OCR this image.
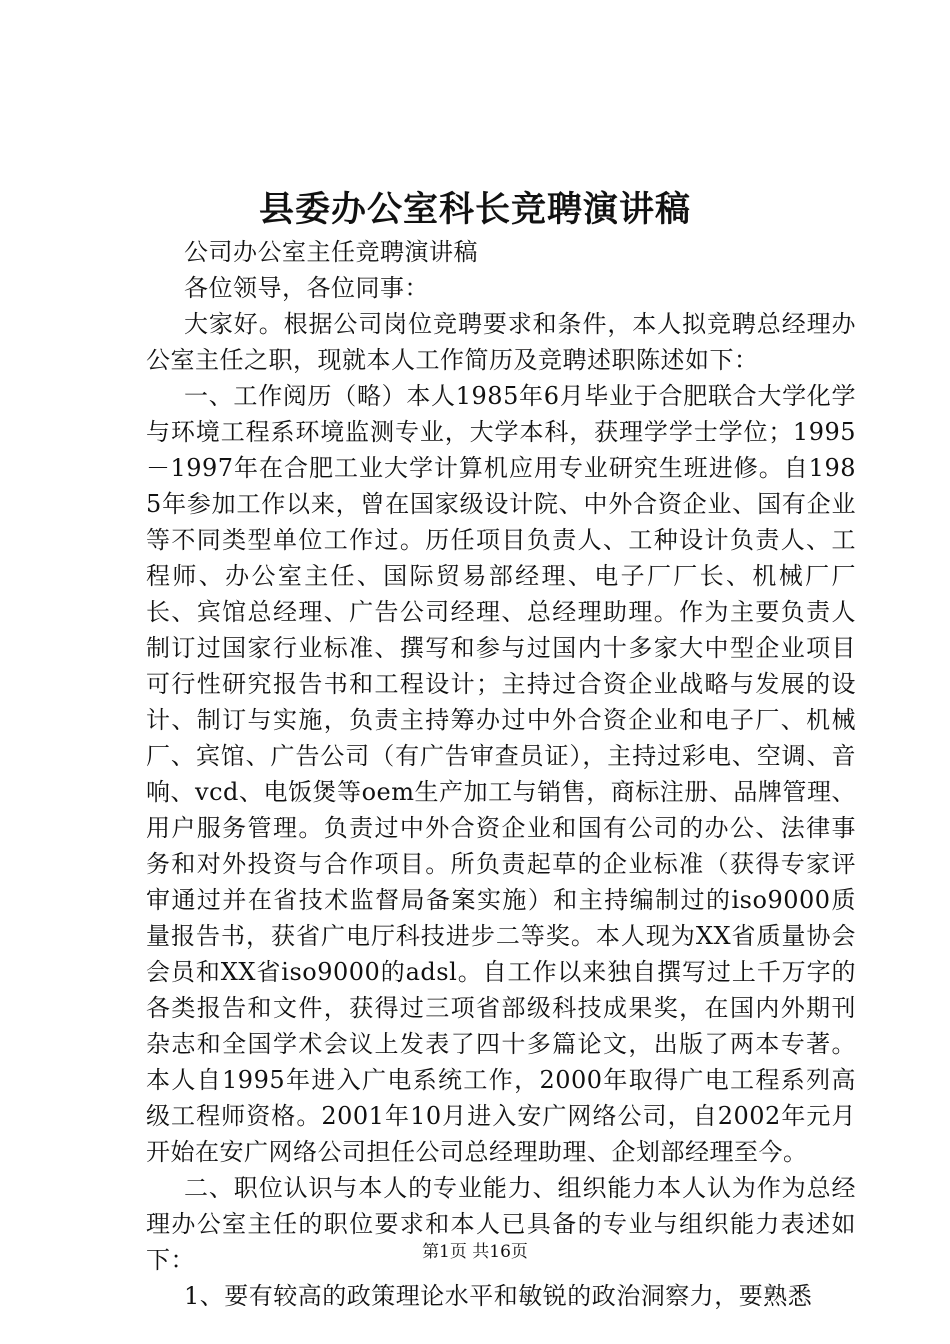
县委办公室科长竞聘演讲稿

公司办公室主任竞聘演讲稿

各位领导，各位同事：

大家好。根据公司岗位竞聘要求和条件，本人拟竞聘总经理办公室主任之职，现就本人工作简历及竞聘述职陈述如下：

一、工作阅历（略）本人1985年6月毕业于合肥联合大学化学与环境工程系环境监测专业，大学本科，获理学学士学位；1995－1997年在合肥工业大学计算机应用专业研究生班进修。自1985年参加工作以来，曾在国家级设计院、中外合资企业、国有企业等不同类型单位工作过。历任项目负责人、工种设计负责人、工程师、办公室主任、国际贸易部经理、电子厂厂长、机械厂厂长、宾馆总经理、广告公司经理、总经理助理。作为主要负责人制订过国家行业标准、撰写和参与过国内十多家大中型企业项目可行性研究报告书和工程设计；主持过合资企业战略与发展的设计、制订与实施，负责主持筹办过中外合资企业和电子厂、机械厂、宾馆、广告公司（有广告审查员证），主持过彩电、空调、音响、vcd、电饭煲等oem生产加工与销售，商标注册、品牌管理、用户服务管理。负责过中外合资企业和国有公司的办公、法律事务和对外投资与合作项目。所负责起草的企业标准（获得专家评审通过并在省技术监督局备案实施）和主持编制过的iso9000质量报告书，获省广电厅科技进步二等奖。本人现为XX省质量协会会员和XX省iso9000的adsl。自工作以来独自撰写过上千万字的各类报告和文件，获得过三项省部级科技成果奖，在国内外期刊杂志和全国学术会议上发表了四十多篇论文，出版了两本专著。本人自1995年进入广电系统工作，2000年取得广电工程系列高级工程师资格。2001年10月进入安广网络公司，自2002年元月开始在安广网络公司担任公司总经理助理、企划部经理至今。

二、职位认识与本人的专业能力、组织能力本人认为作为总经理办公室主任的职位要求和本人已具备的专业与组织能力表述如下：

1、要有较高的政策理论水平和敏锐的政治洞察力，要熟悉

第1页 共16页
